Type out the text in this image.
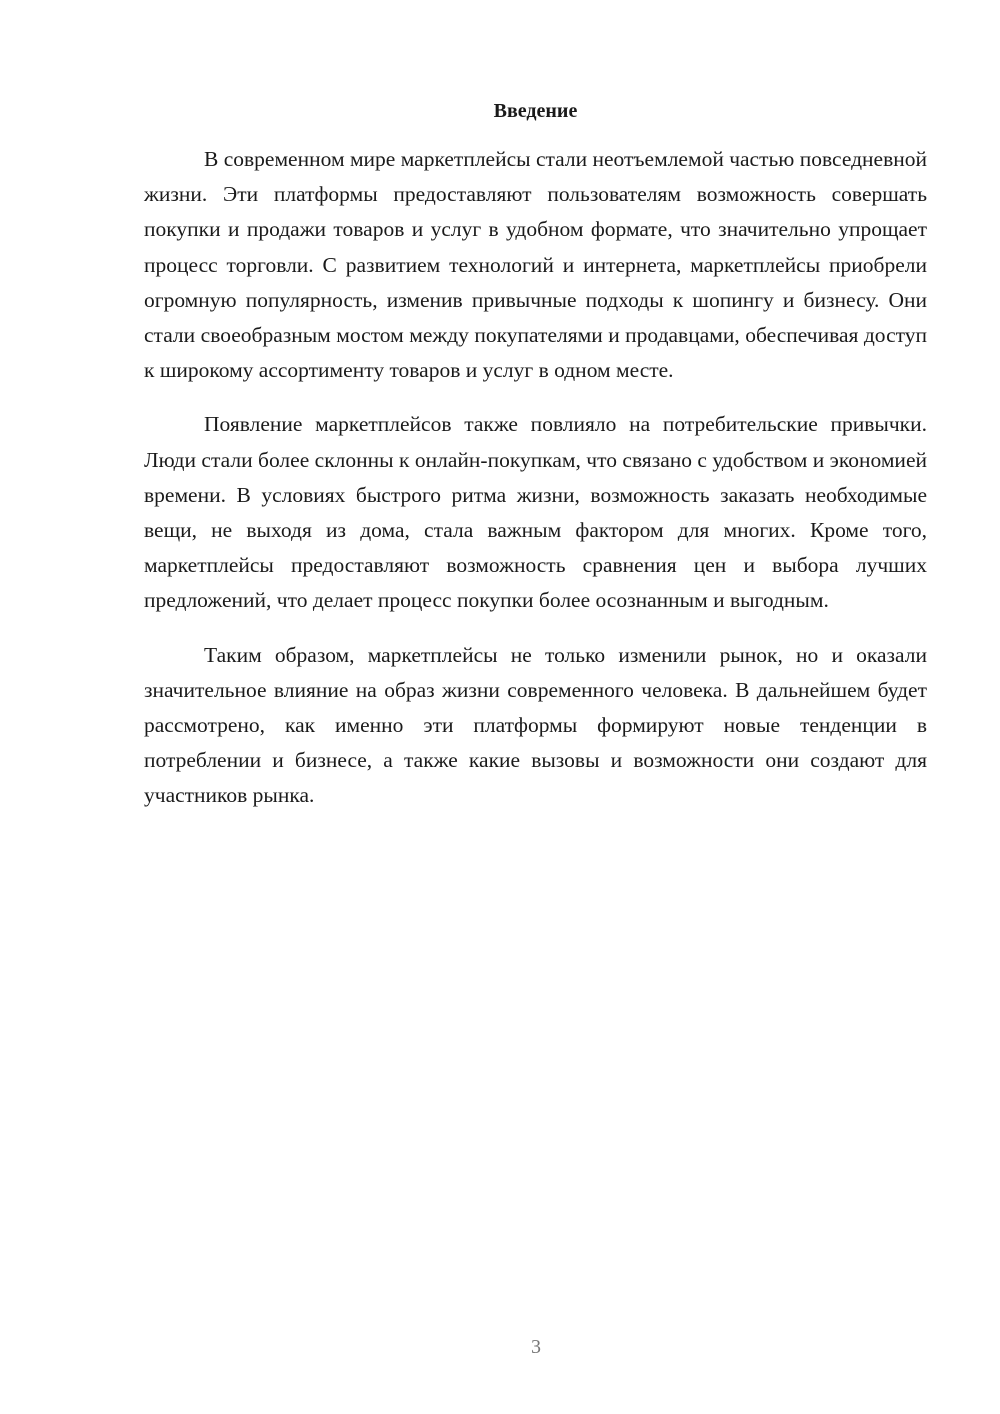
Введение

В современном мире маркетплейсы стали неотъемлемой частью повседневной жизни. Эти платформы предоставляют пользователям возможность совершать покупки и продажи товаров и услуг в удобном формате, что значительно упрощает процесс торговли. С развитием технологий и интернета, маркетплейсы приобрели огромную популярность, изменив привычные подходы к шопингу и бизнесу. Они стали своеобразным мостом между покупателями и продавцами, обеспечивая доступ к широкому ассортименту товаров и услуг в одном месте.

Появление маркетплейсов также повлияло на потребительские привычки. Люди стали более склонны к онлайн-покупкам, что связано с удобством и экономией времени. В условиях быстрого ритма жизни, возможность заказать необходимые вещи, не выходя из дома, стала важным фактором для многих. Кроме того, маркетплейсы предоставляют возможность сравнения цен и выбора лучших предложений, что делает процесс покупки более осознанным и выгодным.

Таким образом, маркетплейсы не только изменили рынок, но и оказали значительное влияние на образ жизни современного человека. В дальнейшем будет рассмотрено, как именно эти платформы формируют новые тенденции в потреблении и бизнесе, а также какие вызовы и возможности они создают для участников рынка.

3
